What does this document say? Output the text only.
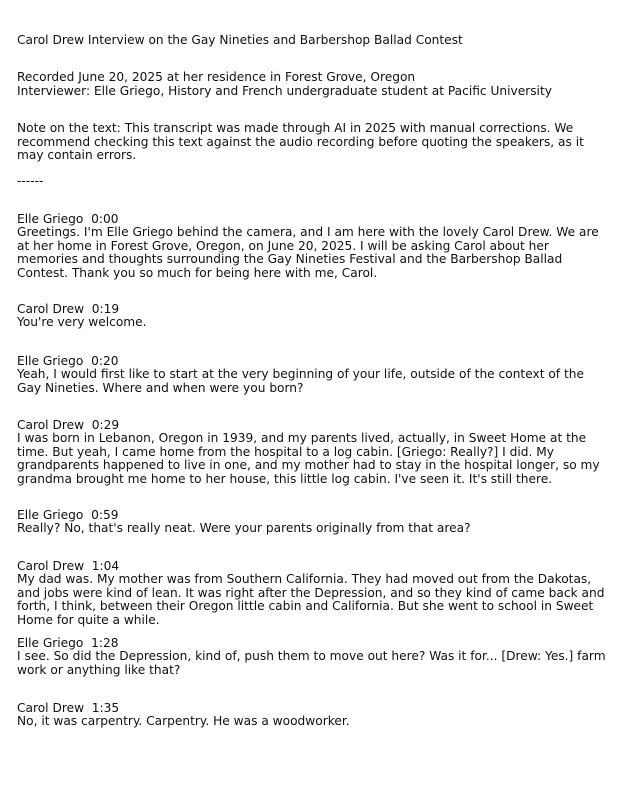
Carol Drew Interview on the Gay Nineties and Barbershop Ballad Contest
Recorded June 20, 2025 at her residence in Forest Grove, Oregon
Interviewer: Elle Griego, History and French undergraduate student at Pacific University
Note on the text: This transcript was made through AI in 2025 with manual corrections. We recommend checking this text against the audio recording before quoting the speakers, as it may contain errors.
------
Elle Griego 0:00
Greetings. I'm Elle Griego behind the camera, and I am here with the lovely Carol Drew. We are at her home in Forest Grove, Oregon, on June 20, 2025. I will be asking Carol about her memories and thoughts surrounding the Gay Nineties Festival and the Barbershop Ballad Contest. Thank you so much for being here with me, Carol.
Carol Drew 0:19
You're very welcome.
Elle Griego 0:20
Yeah, I would first like to start at the very beginning of your life, outside of the context of the Gay Nineties. Where and when were you born?
Carol Drew 0:29
I was born in Lebanon, Oregon in 1939, and my parents lived, actually, in Sweet Home at the time. But yeah, I came home from the hospital to a log cabin. [Griego: Really?] I did. My grandparents happened to live in one, and my mother had to stay in the hospital longer, so my grandma brought me home to her house, this little log cabin. I've seen it. It's still there.
Elle Griego 0:59
Really? No, that's really neat. Were your parents originally from that area?
Carol Drew 1:04
My dad was. My mother was from Southern California. They had moved out from the Dakotas, and jobs were kind of lean. It was right after the Depression, and so they kind of came back and forth, I think, between their Oregon little cabin and California. But she went to school in Sweet Home for quite a while.
Elle Griego 1:28
I see. So did the Depression, kind of, push them to move out here? Was it for... [Drew: Yes.] farm work or anything like that?
Carol Drew 1:35
No, it was carpentry. Carpentry. He was a woodworker.
